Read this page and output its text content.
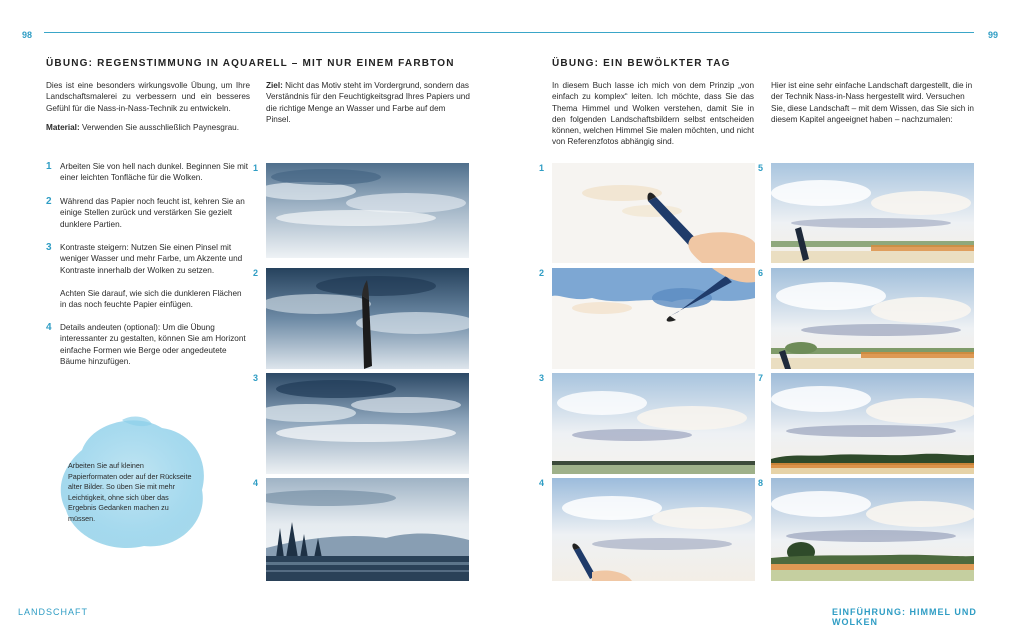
98	99
ÜBUNG: REGENSTIMMUNG IN AQUARELL – MIT NUR EINEM FARBTON

Dies ist eine besonders wirkungsvolle Übung, um Ihre Landschaftsmalerei zu verbessern und ein besseres Gefühl für die Nass-in-Nass-Technik zu entwickeln.

Material: Verwenden Sie ausschließlich Paynesgrau.

Ziel: Nicht das Motiv steht im Vordergrund, sondern das Verständnis für den Feuchtigkeitsgrad Ihres Papiers und die richtige Menge an Wasser und Farbe auf dem Pinsel.
1 Arbeiten Sie von hell nach dunkel. Beginnen Sie mit einer leichten Tonfläche für die Wolken.
2 Während das Papier noch feucht ist, kehren Sie an einige Stellen zurück und verstärken Sie gezielt dunklere Partien.
3 Kontraste steigern: Nutzen Sie einen Pinsel mit weniger Wasser und mehr Farbe, um Akzente und Kontraste innerhalb der Wolken zu setzen.
Achten Sie darauf, wie sich die dunkleren Flächen in das noch feuchte Papier einfügen.
4 Details andeuten (optional): Um die Übung interessanter zu gestalten, können Sie am Horizont einfache Formen wie Berge oder angedeutete Bäume hinzufügen.
Arbeiten Sie auf kleinen Papierformaten oder auf der Rückseite alter Bilder. So üben Sie mit mehr Leichtigkeit, ohne sich über das Ergebnis Gedanken machen zu müssen.
1
2
3
4
LANDSCHAFT
ÜBUNG: EIN BEWÖLKTER TAG
In diesem Buch lasse ich mich von dem Prinzip „von einfach zu komplex“ leiten. Ich möchte, dass Sie das Thema Himmel und Wolken verstehen, damit Sie in den folgenden Landschaftsbildern selbst entscheiden können, welchen Himmel Sie malen möchten, und nicht von Referenzfotos abhängig sind.
Hier ist eine sehr einfache Landschaft dargestellt, die in der Technik Nass-in-Nass hergestellt wird. Versuchen Sie, diese Landschaft – mit dem Wissen, das Sie sich in diesem Kapitel angeeignet haben – nachzumalen:
1
2
3
4
5
6
7
8
EINFÜHRUNG: HIMMEL UND WOLKEN
